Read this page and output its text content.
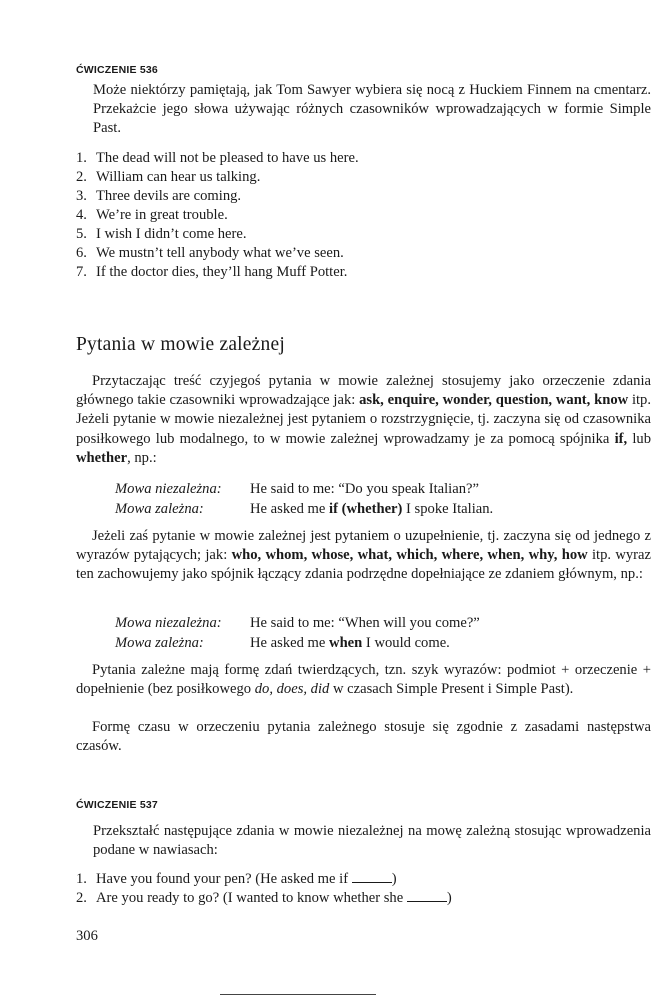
ĆWICZENIE 536
Może niektórzy pamiętają, jak Tom Sawyer wybiera się nocą z Huckiem Finnem na cmentarz. Przekażcie jego słowa używając różnych czasowników wprowadzających w formie Simple Past.
1. The dead will not be pleased to have us here.
2. William can hear us talking.
3. Three devils are coming.
4. We’re in great trouble.
5. I wish I didn’t come here.
6. We mustn’t tell anybody what we’ve seen.
7. If the doctor dies, they’ll hang Muff Potter.
Pytania w mowie zależnej
Przytaczając treść czyjegoś pytania w mowie zależnej stosujemy jako orzeczenie zdania głównego takie czasowniki wprowadzające jak: ask, enquire, wonder, question, want, know itp. Jeżeli pytanie w mowie niezależnej jest pytaniem o rozstrzygnięcie, tj. zaczyna się od czasownika posiłkowego lub modalnego, to w mowie zależnej wprowadzamy je za pomocą spójnika if, lub whether, np.:
Mowa niezależna:	He said to me: “Do you speak Italian?”
Mowa zależna:	He asked me if (whether) I spoke Italian.
Jeżeli zaś pytanie w mowie zależnej jest pytaniem o uzupełnienie, tj. zaczyna się od jednego z wyrazów pytających; jak: who, whom, whose, what, which, where, when, why, how itp. wyraz ten zachowujemy jako spójnik łączący zdania podrzędne dopełniające ze zdaniem głównym, np.:
Mowa niezależna:	He said to me: “When will you come?”
Mowa zależna:	He asked me when I would come.
Pytania zależne mają formę zdań twierdzących, tzn. szyk wyrazów: podmiot + orzeczenie + dopełnienie (bez posiłkowego do, does, did w czasach Simple Present i Simple Past).
Formę czasu w orzeczeniu pytania zależnego stosuje się zgodnie z zasadami następstwa czasów.
ĆWICZENIE 537
Przekształć następujące zdania w mowie niezależnej na mowę zależną stosując wprowadzenia podane w nawiasach:
1. Have you found your pen? (He asked me if	)
2. Are you ready to go? (I wanted to know whether she	)
306
